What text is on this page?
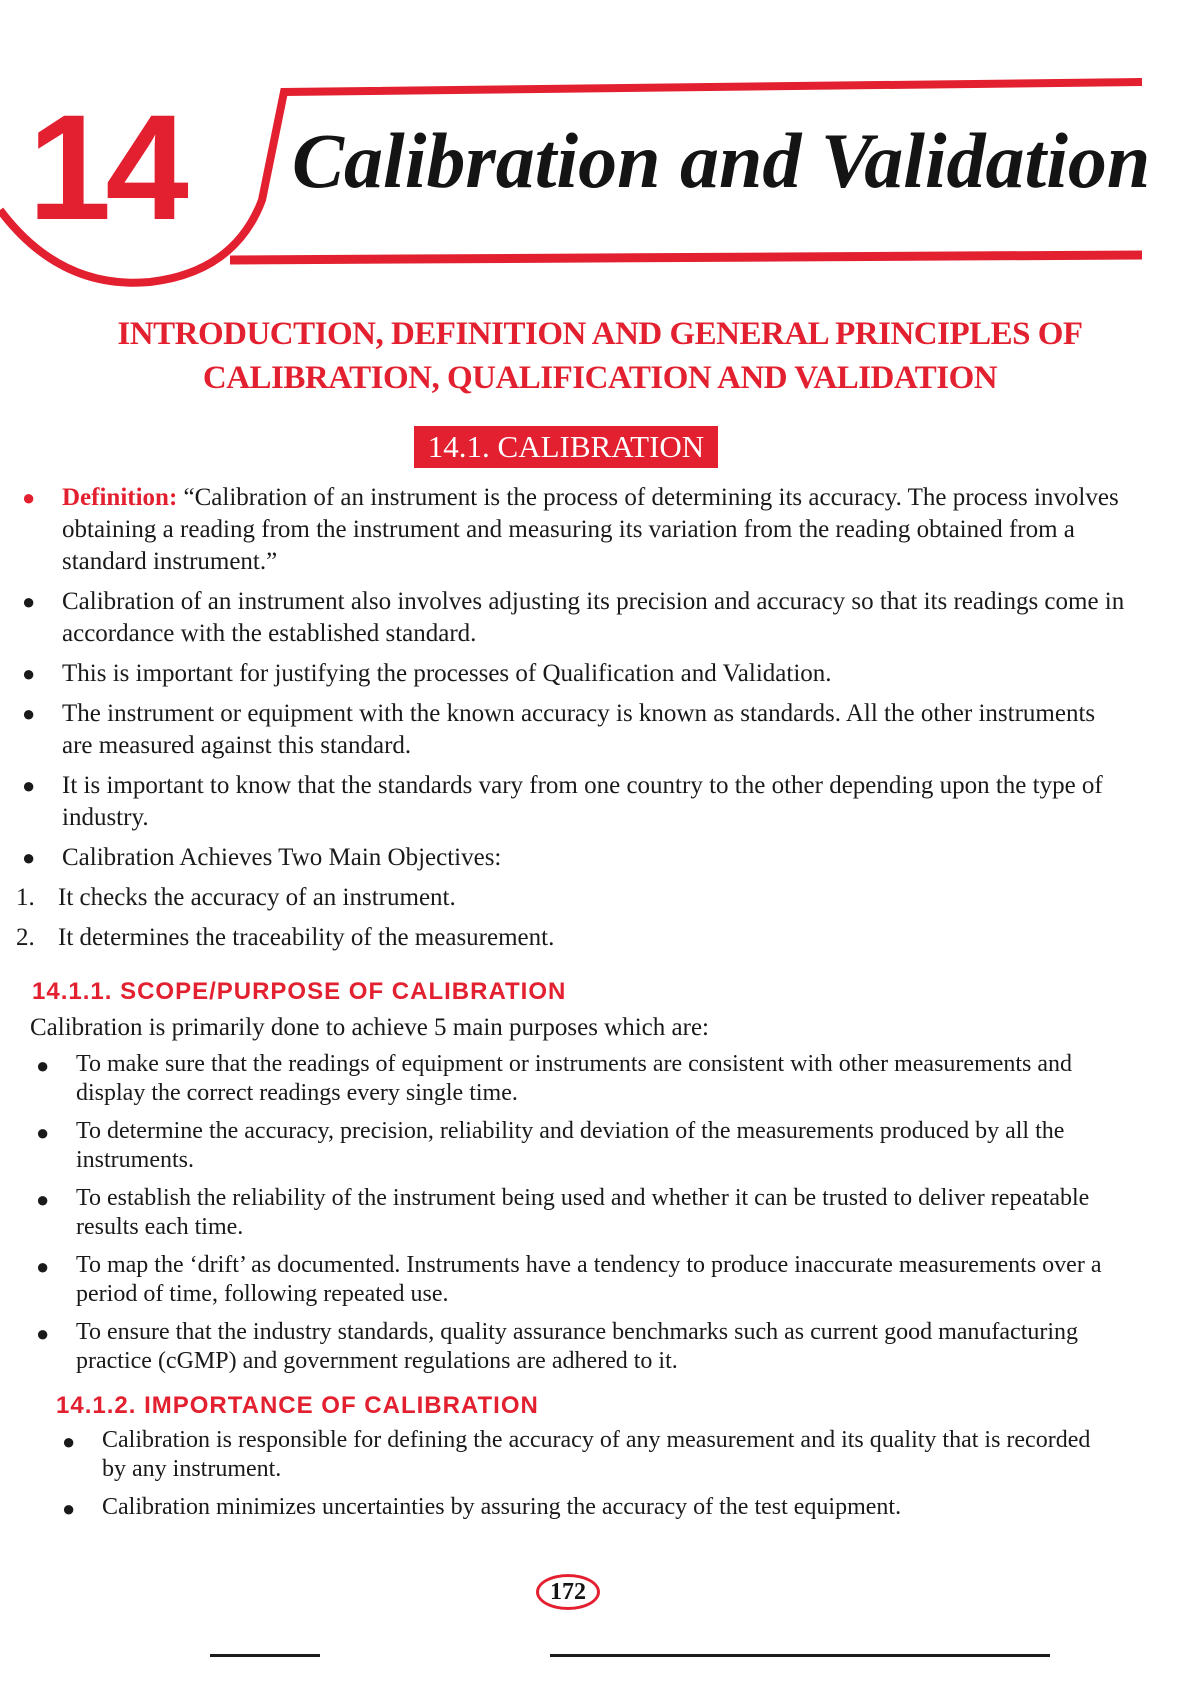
14 Calibration and Validation
INTRODUCTION, DEFINITION AND GENERAL PRINCIPLES OF
CALIBRATION, QUALIFICATION AND VALIDATION
14.1. CALIBRATION
● Definition: “Calibration of an instrument is the process of determining its accuracy. The process involves obtaining a reading from the instrument and measuring its variation from the reading obtained from a standard instrument.”
● Calibration of an instrument also involves adjusting its precision and accuracy so that its readings come in accordance with the established standard.
● This is important for justifying the processes of Qualification and Validation.
● The instrument or equipment with the known accuracy is known as standards. All the other instruments are measured against this standard.
● It is important to know that the standards vary from one country to the other depending upon the type of industry.
● Calibration Achieves Two Main Objectives:
1. It checks the accuracy of an instrument.
2. It determines the traceability of the measurement.
14.1.1. SCOPE/PURPOSE OF CALIBRATION
Calibration is primarily done to achieve 5 main purposes which are:
● To make sure that the readings of equipment or instruments are consistent with other measurements and display the correct readings every single time.
● To determine the accuracy, precision, reliability and deviation of the measurements produced by all the instruments.
● To establish the reliability of the instrument being used and whether it can be trusted to deliver repeatable results each time.
● To map the ‘drift’ as documented. Instruments have a tendency to produce inaccurate measurements over a period of time, following repeated use.
● To ensure that the industry standards, quality assurance benchmarks such as current good manufacturing practice (cGMP) and government regulations are adhered to it.
14.1.2. IMPORTANCE OF CALIBRATION
● Calibration is responsible for defining the accuracy of any measurement and its quality that is recorded by any instrument.
● Calibration minimizes uncertainties by assuring the accuracy of the test equipment.
172
